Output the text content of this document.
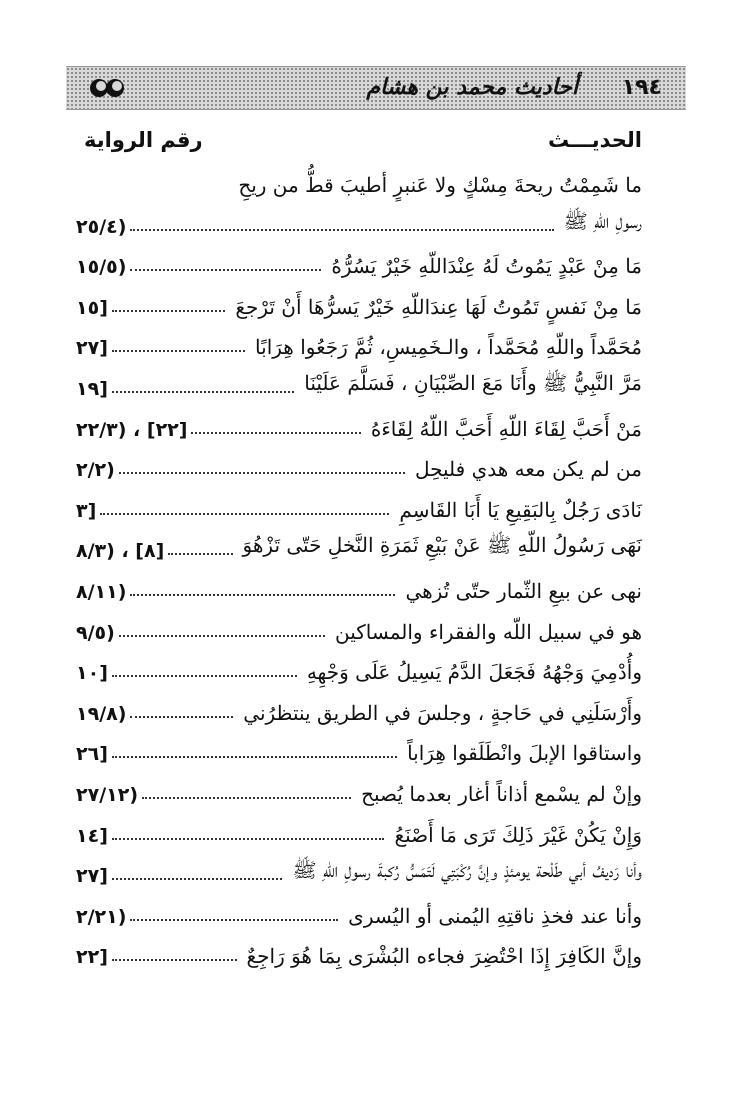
١٩٤
أحاديث محمد بن هشام
الحديـــث
رقم الرواية
ما شَمِمْتُ ريحةَ مِسْكٍ ولا عَنبرٍ أطيبَ قطُّ من ريحِ
رسولِ اللهِ ﷺ
(٢٥/٤
مَا مِنْ عَبْدٍ يَمُوتُ لَهُ عِنْدَاللّهِ خَيْرٌ يَسُرُّهُ
(١٥/٥
مَا مِنْ نَفسٍ تَمُوتُ لَهَا عِندَاللّهِ خَيْرٌ يَسرُّهَا أَنْ تَرْجعَ
[١٥
مُحَمَّداً واللّهِ مُحَمَّداً ، والـخَمِيسِ، ثُمَّ رَجَعُوا هِرَابًا
[٢٧
مَرَّ النَّبِيُّ ﷺ وأَنَا مَعَ الصِّبْيَانِ ، فَسَلَّمَ عَلَيْنَا
[١٩
مَنْ أَحَبَّ لِقَاءَ اللّهِ أَحَبَّ اللّهُ لِقَاءَهُ
[٢٢] ، (٢٢/٣
من لم يكن معه هدي فليحِل
(٢/٢
نَادَى رَجُلٌ بِالبَقِيعِ يَا أَبَا القَاسِمِ
[٣
نَهَى رَسُولُ اللّهِ ﷺ عَنْ بَيْعِ ثَمَرَةِ النَّخلِ حَتّى تَزْهُوَ
[٨] ، (٨/٣
نهى عن بيعِ الثّمار حتّى تُزهي
(٨/١١
هو في سبيل اللّه والفقراء والمساكين
(٩/٥
وأُدْمِيَ وَجْهُهُ فَجَعَلَ الدَّمُ يَسِيلُ عَلَى وَجْهِهِ
[١٠
وأَرْسَلَنِي في حَاجةٍ ، وجلسَ في الطريق ينتظرُني
(١٩/٨
واستاقوا الإبلَ وانْطَلَقوا هِرَاباً
[٢٦
وإنْ لم يسْمع أذاناً أغار بعدما يُصبح
(٢٧/١٢
وَإِنْ يَكُنْ غَيْرَ ذَلِكَ تَرَى مَا أَصْنَعُ
[١٤
وأنا رَديفُ أبي طَلْحة يومئذٍ وإنَّ رُكْبَتِي لَتَمَسُّ رُكبةَ رسولِ اللّهِ ﷺ
[٢٧
وأنا عند فخذِ ناقتِهِ اليُمنى أو اليُسرى
(٢/٢١
وإنَّ الكَافِرَ إِذَا احْتُضِرَ فجاءه البُشْرَى بِمَا هُوَ رَاجِعٌ
[٢٢
